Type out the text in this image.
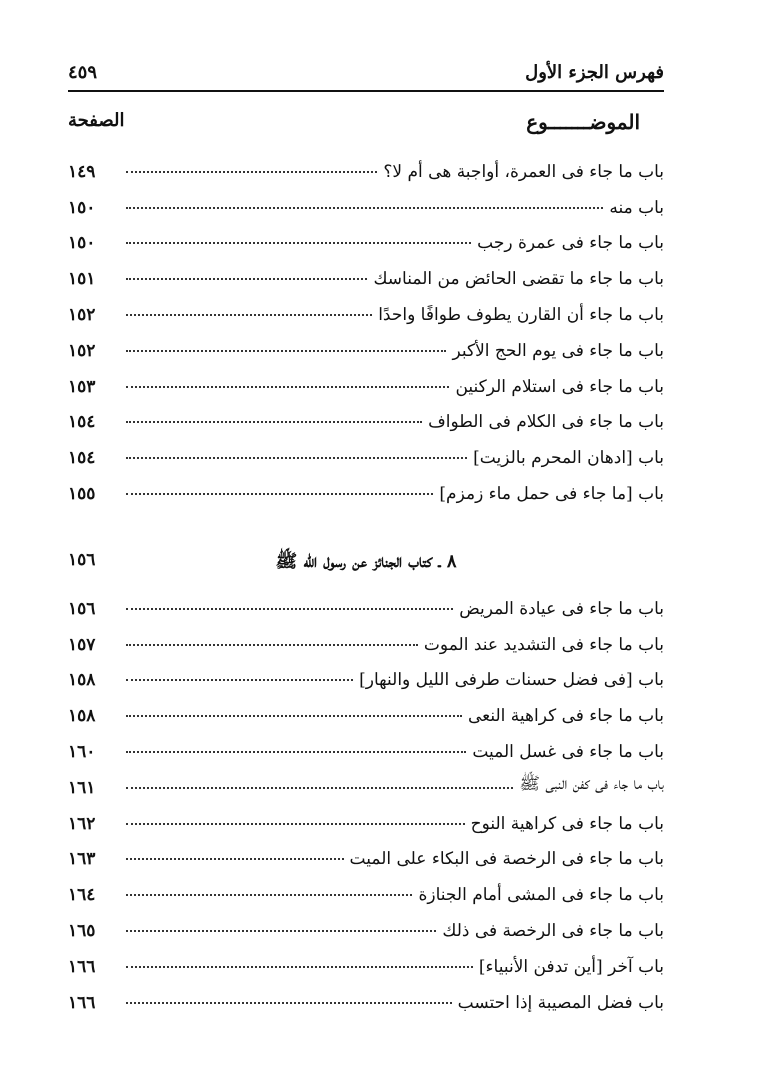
فهرس الجزء الأول
٤٥٩
الموضـــــــوع
الصفحة
باب ما جاء فى العمرة، أواجبة هى أم لا؟
١٤٩
باب منه
١٥٠
باب ما جاء فى عمرة رجب
١٥٠
باب ما جاء ما تقضى الحائض من المناسك
١٥١
باب ما جاء أن القارن يطوف طوافًا واحدًا
١٥٢
باب ما جاء فى يوم الحج الأكبر
١٥٢
باب ما جاء فى استلام الركنين
١٥٣
باب ما جاء فى الكلام فى الطواف
١٥٤
باب [ادهان المحرم بالزيت]
١٥٤
باب [ما جاء فى حمل ماء زمزم]
١٥٥
٨ ـ كتاب الجنائز عن رسول الله ﷺ
١٥٦
باب ما جاء فى عيادة المريض
١٥٦
باب ما جاء فى التشديد عند الموت
١٥٧
باب [فى فضل حسنات طرفى الليل والنهار]
١٥٨
باب ما جاء فى كراهية النعى
١٥٨
باب ما جاء فى غسل الميت
١٦٠
باب ما جاء فى كفن النبى ﷺ
١٦١
باب ما جاء فى كراهية النوح
١٦٢
باب ما جاء فى الرخصة فى البكاء على الميت
١٦٣
باب ما جاء فى المشى أمام الجنازة
١٦٤
باب ما جاء فى الرخصة فى ذلك
١٦٥
باب آخر [أين تدفن الأنبياء]
١٦٦
باب فضل المصيبة إذا احتسب
١٦٦
